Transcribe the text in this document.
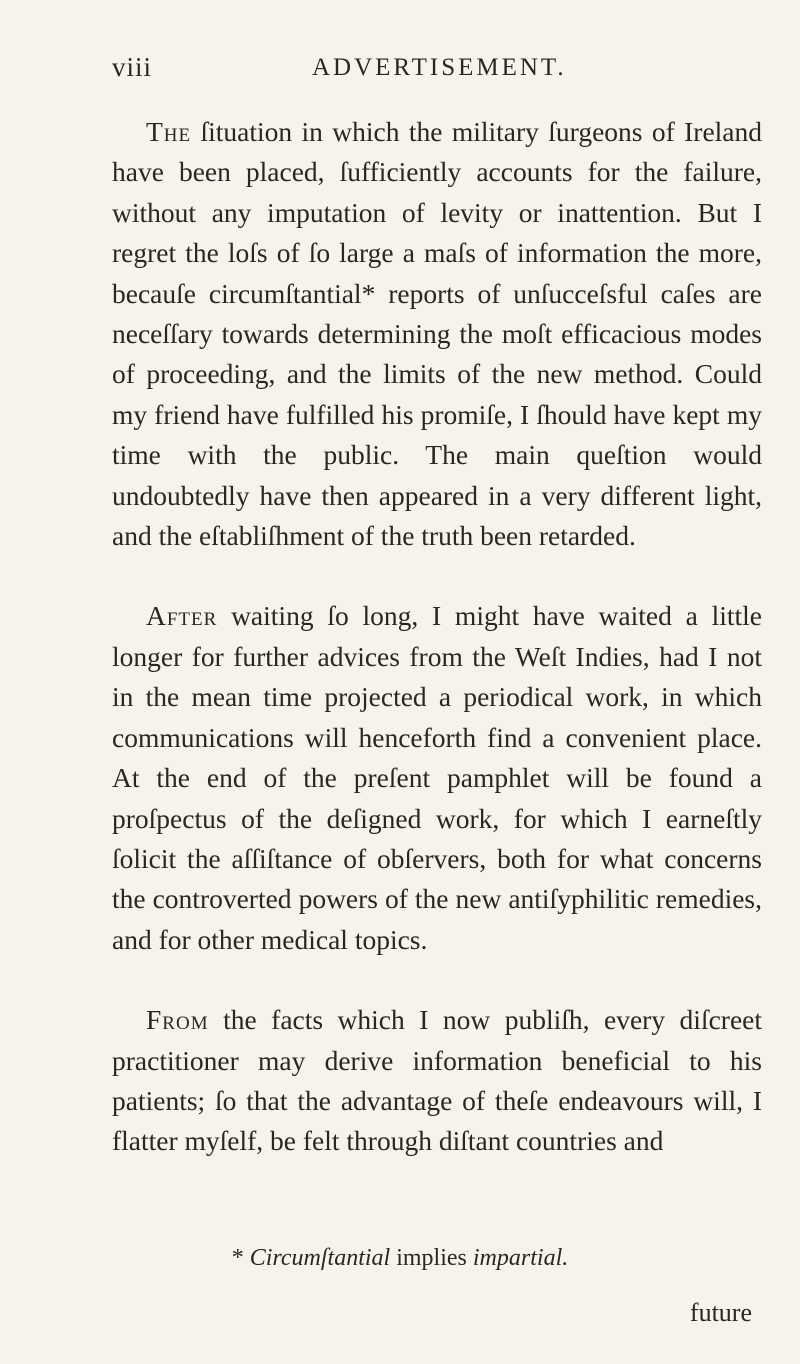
viii	ADVERTISEMENT.

The ſituation in which the military ſurgeons of Ireland have been placed, ſufficiently accounts for the failure, without any imputation of levity or inattention. But I regret the loſs of ſo large a maſs of information the more, becauſe circumſtantial* reports of unſucceſsful caſes are neceſſary towards determining the moſt efficacious modes of proceeding, and the limits of the new method. Could my friend have fulfilled his promiſe, I ſhould have kept my time with the public. The main queſtion would undoubtedly have then appeared in a very different light, and the eſtabliſhment of the truth been retarded.

After waiting ſo long, I might have waited a little longer for further advices from the Weſt Indies, had I not in the mean time projected a periodical work, in which communications will henceforth find a convenient place. At the end of the preſent pamphlet will be found a proſpectus of the deſigned work, for which I earneſtly ſolicit the aſſiſtance of obſervers, both for what concerns the controverted powers of the new antiſyphilitic remedies, and for other medical topics.

From the facts which I now publiſh, every diſcreet practitioner may derive information beneficial to his patients; ſo that the advantage of theſe endeavours will, I flatter myſelf, be felt through diſtant countries and

* Circumſtantial implies impartial.
future
